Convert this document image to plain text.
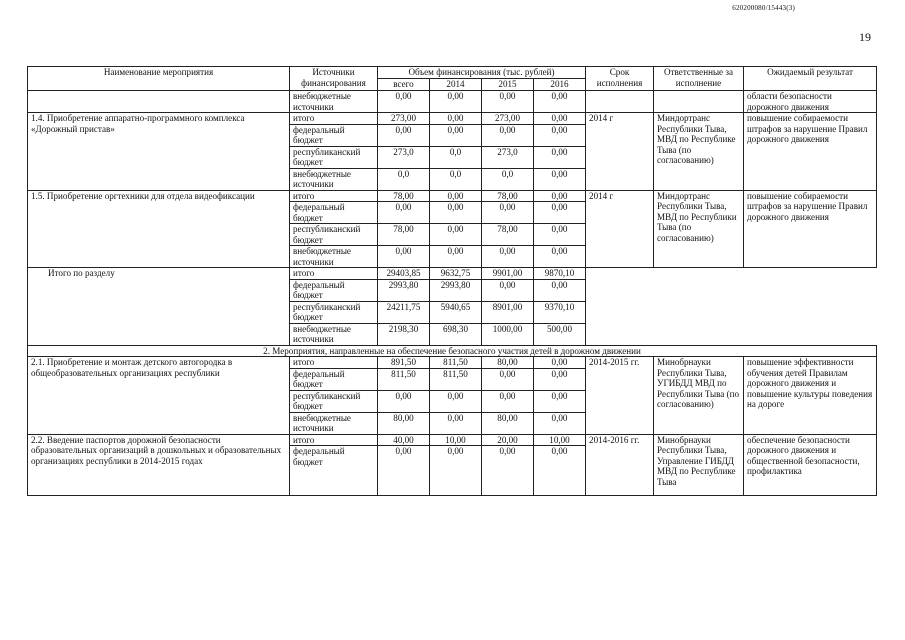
620200080/15443(3)
19
Наименование мероприятия	Источники финансирования	Объем финансирования (тыс. рублей)				Срок исполнения	Ответственные за исполнение	Ожидаемый результат
		всего	2014	2015	2016			
	внебюджетные источники	0,00	0,00	0,00	0,00			области безопасности дорожного движения
1.4. Приобретение аппаратно-программного комплекса «Дорожный пристав»	итого	273,00	0,00	273,00	0,00	2014 г	Миндортранс Республики Тыва, МВД по Республике Тыва (по согласованию)	повышение собираемости штрафов за нарушение Правил дорожного движения
	федеральный бюджет	0,00	0,00	0,00	0,00			
	республиканский бюджет	273,0	0,0	273,0	0,00			
	внебюджетные источники	0,0	0,0	0,0	0,00			
1.5. Приобретение оргтехники для отдела видеофиксации	итого	78,00	0,00	78,00	0,00	2014 г	Миндортранс Республики Тыва, МВД по Республики Тыва (по согласованию)	повышение собираемости штрафов за нарушение Правил дорожного движения
	федеральный бюджет	0,00	0,00	0,00	0,00			
	республиканский бюджет	78,00	0,00	78,00	0,00			
	внебюджетные источники	0,00	0,00	0,00	0,00			
Итого по разделу	итого	29403,85	9632,75	9901,00	9870,10			
	федеральный бюджет	2993,80	2993,80	0,00	0,00			
	республиканский бюджет	24211,75	5940,65	8901,00	9370,10			
	внебюджетные источники	2198,30	698,30	1000,00	500,00			
2. Мероприятия, направленные на обеспечение безопасного участия детей в дорожном движении								
2.1. Приобретение и монтаж детского автогородка в общеобразовательных организациях республики	итого	891,50	811,50	80,00	0,00	2014-2015 гг.	Минобрнауки Республики Тыва, УГИБДД МВД по Республики Тыва (по согласованию)	повышение эффективности обучения детей Правилам дорожного движения и повышение культуры поведения на дороге
	федеральный бюджет	811,50	811,50	0,00	0,00			
	республиканский бюджет	0,00	0,00	0,00	0,00			
	внебюджетные источники	80,00	0,00	80,00	0,00			
2.2. Введение паспортов дорожной безопасности образовательных организаций в дошкольных и образовательных организациях республики в 2014-2015 годах	итого	40,00	10,00	20,00	10,00	2014-2016 гг.	Минобрнауки Республики Тыва, Управление ГИБДД МВД по Республике Тыва	обеспечение безопасности дорожного движения и общественной безопасности, профилактика
	федеральный бюджет	0,00	0,00	0,00	0,00			
